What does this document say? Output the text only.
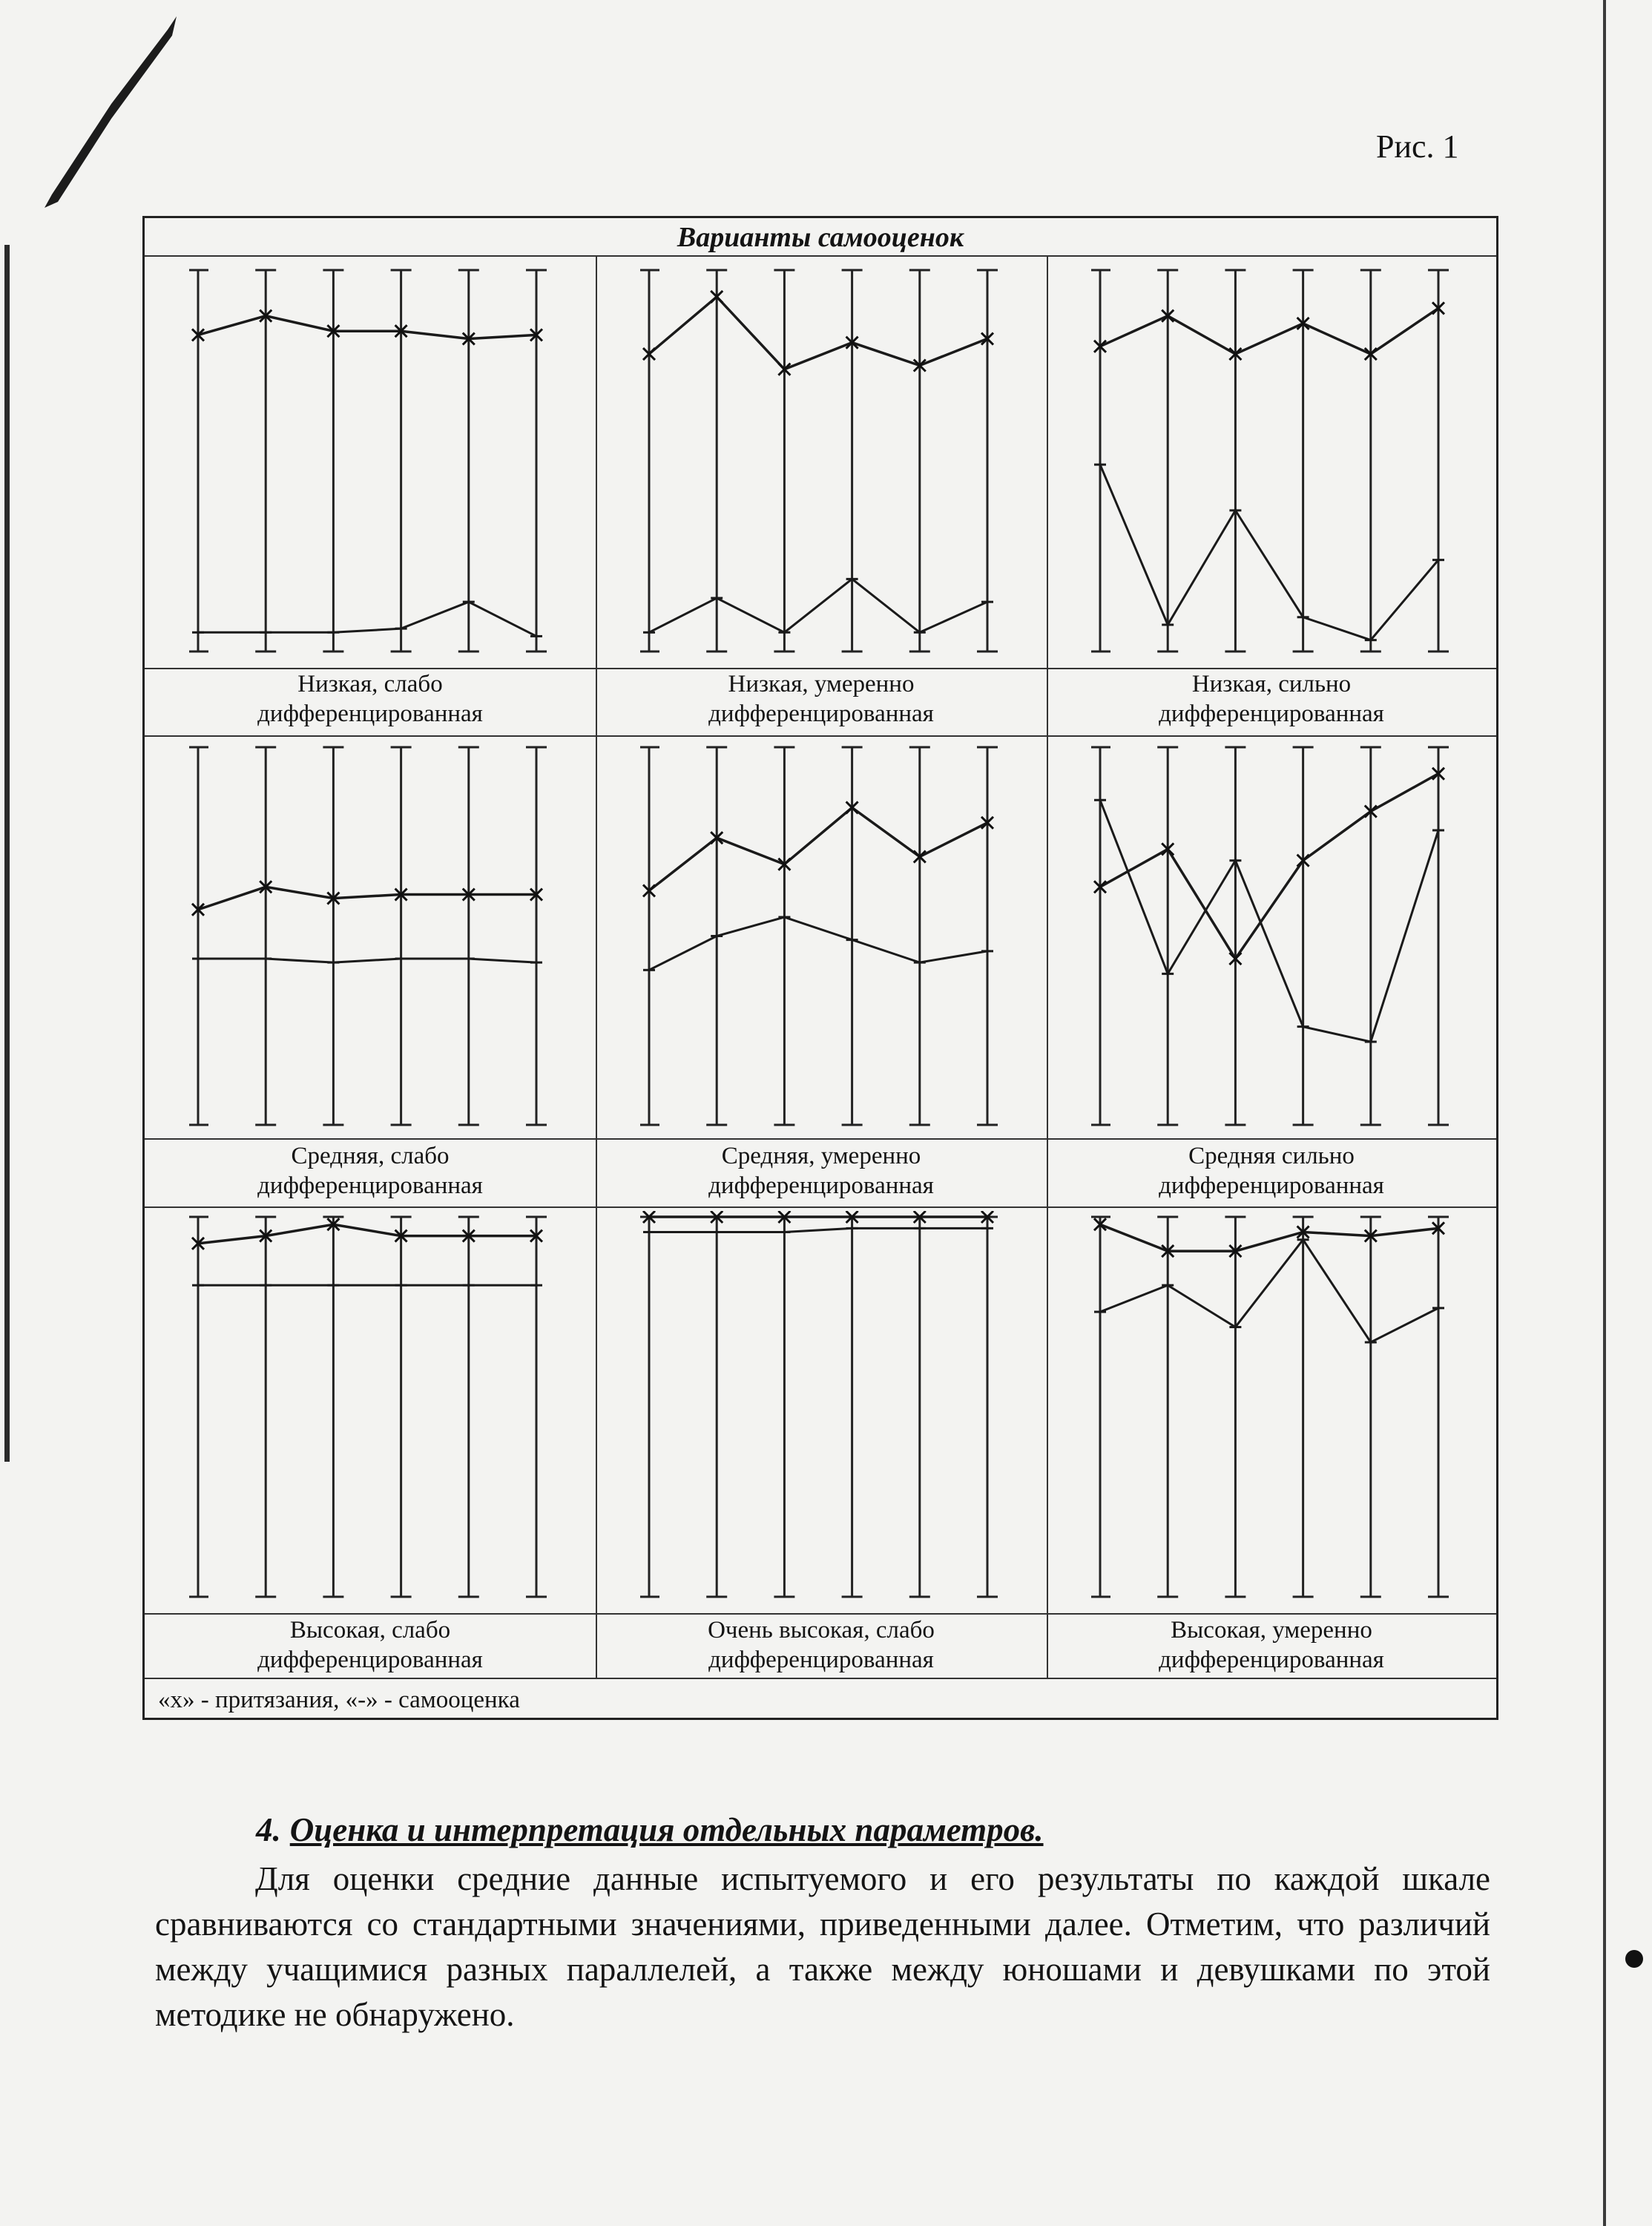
Рис. 1
Варианты самооценок
Низкая, слабо
дифференцированная
Низкая, умеренно
дифференцированная
Низкая, сильно
дифференцированная
Средняя, слабо
дифференцированная
Средняя, умеренно
дифференцированная
Средняя сильно
дифференцированная
Высокая, слабо
дифференцированная
Очень высокая, слабо
дифференцированная
Высокая, умеренно
дифференцированная
«х» - притязания, «-» - самооценка
4. Оценка и интерпретация отдельных параметров.
Для оценки средние данные испытуемого и его результаты по каждой шкале сравниваются со стандартными значениями, приведенными далее. Отметим, что различий между учащимися разных параллелей, а также между юношами и девушками по этой методике не обнаружено.
